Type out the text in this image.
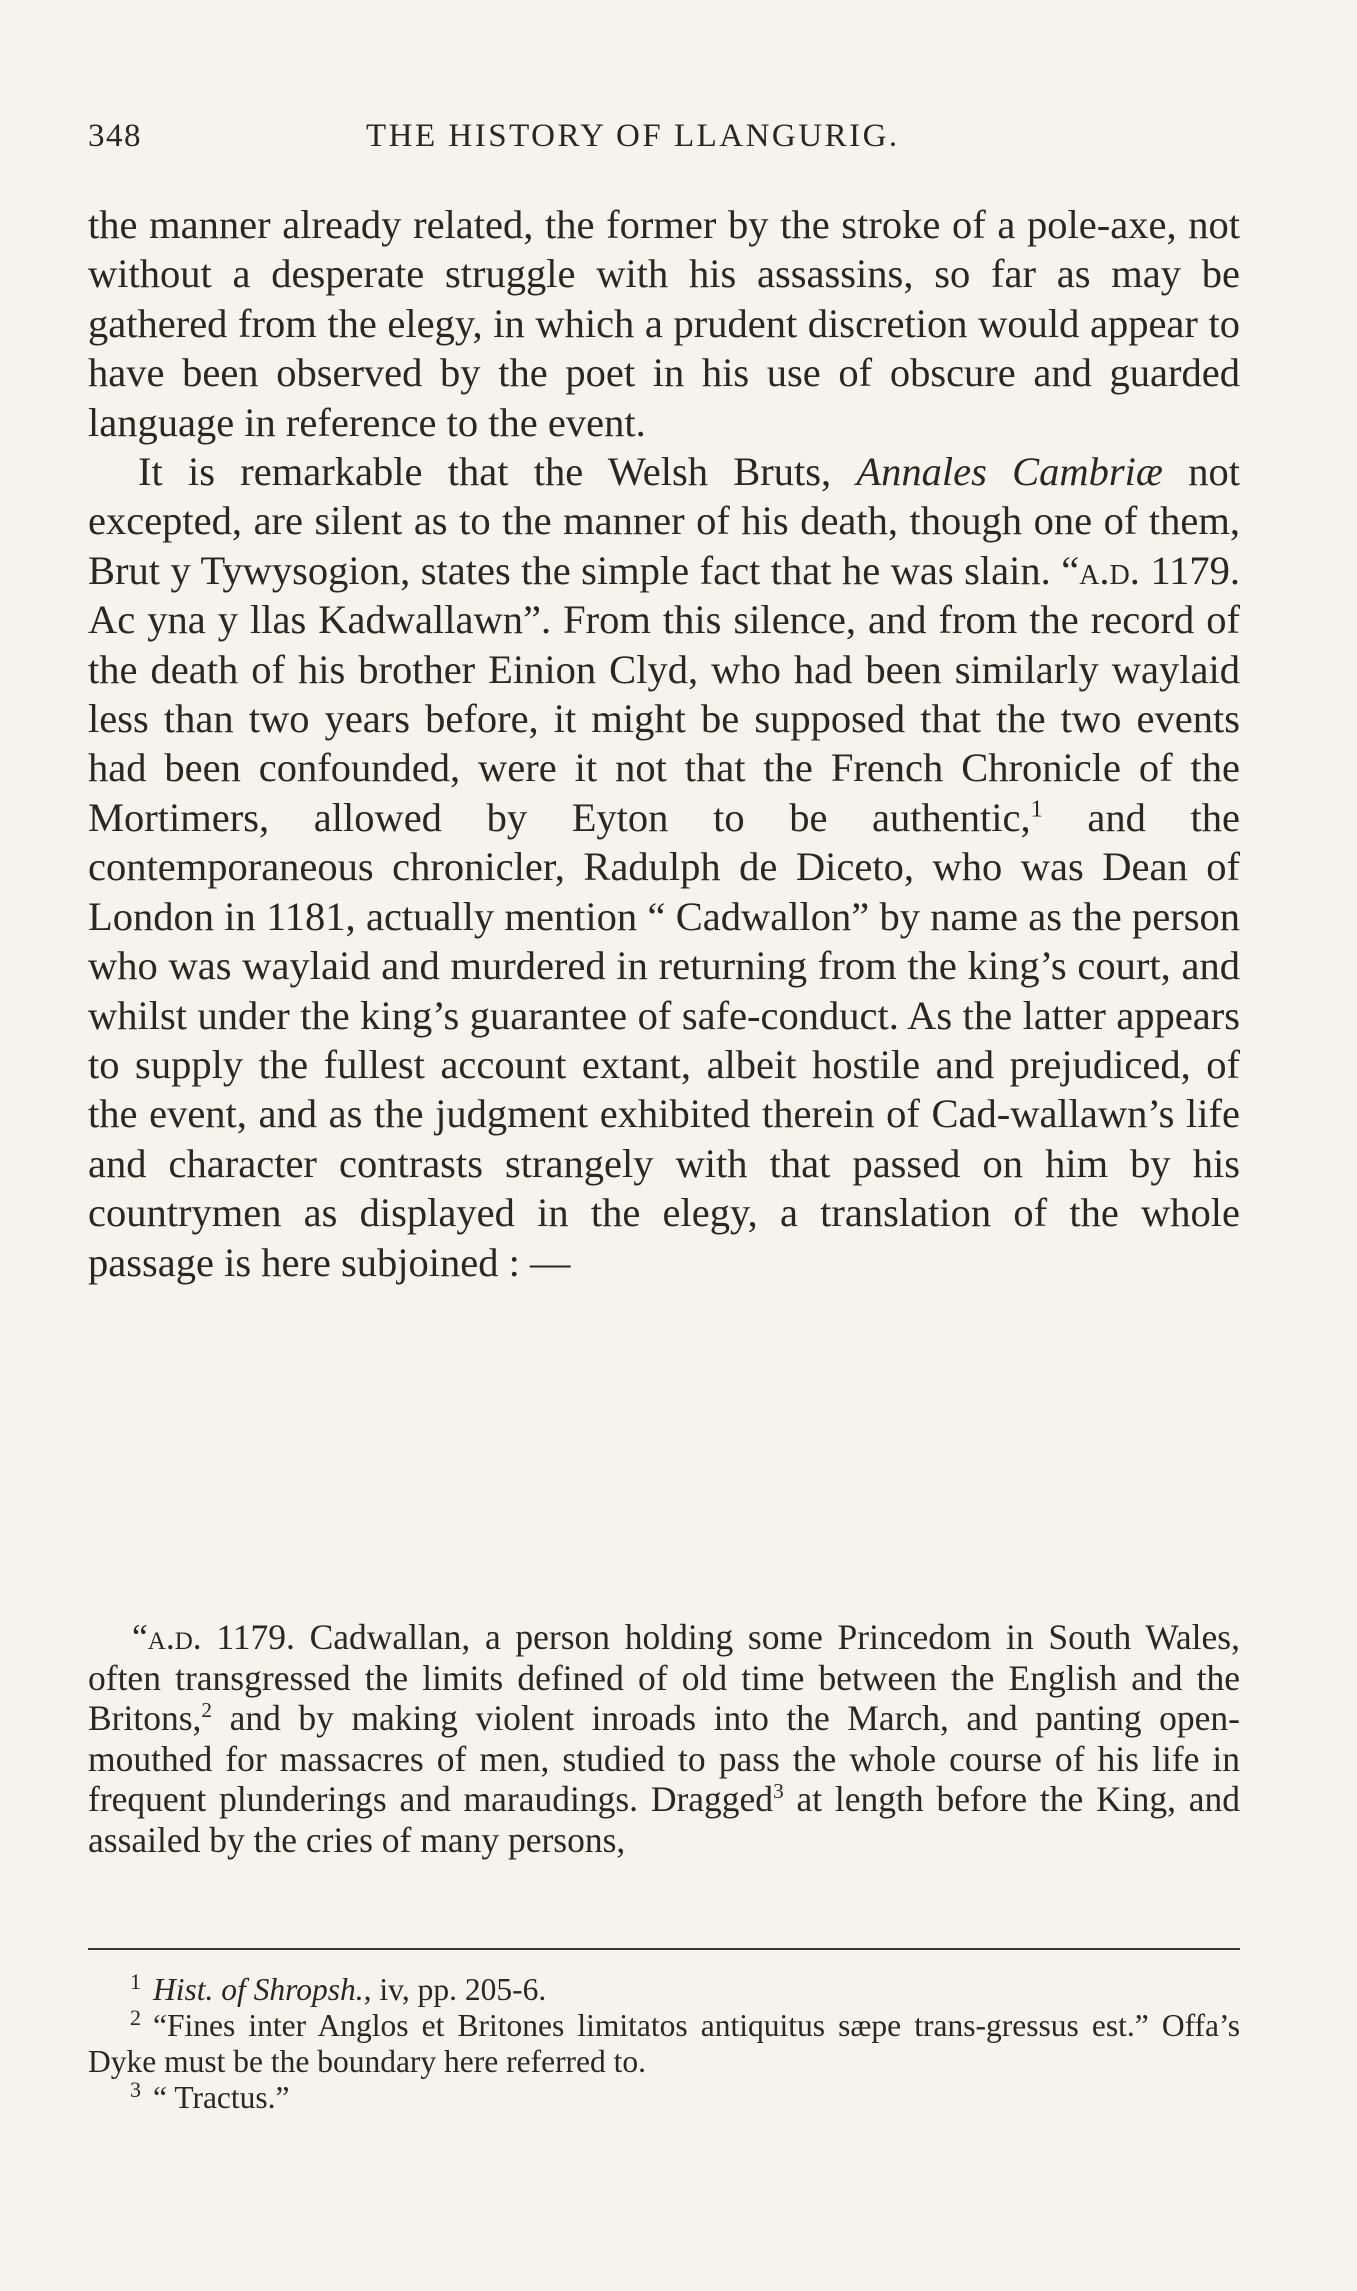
348	THE HISTORY OF LLANGURIG.

the manner already related, the former by the stroke of a pole-axe, not without a desperate struggle with his assassins, so far as may be gathered from the elegy, in which a prudent discretion would appear to have been observed by the poet in his use of obscure and guarded language in reference to the event.

It is remarkable that the Welsh Bruts, Annales Cambriæ not excepted, are silent as to the manner of his death, though one of them, Brut y Tywysogion, states the simple fact that he was slain. “a.d. 1179. Ac yna y llas Kadwallawn”. From this silence, and from the record of the death of his brother Einion Clyd, who had been similarly waylaid less than two years before, it might be supposed that the two events had been confounded, were it not that the French Chronicle of the Mortimers, allowed by Eyton to be authentic,$^1$ and the contemporaneous chronicler, Radulph de Diceto, who was Dean of London in 1181, actually mention “ Cadwallon” by name as the person who was waylaid and murdered in returning from the king’s court, and whilst under the king’s guarantee of safe-conduct. As the latter appears to supply the fullest account extant, albeit hostile and prejudiced, of the event, and as the judgment exhibited therein of Cad-wallawn’s life and character contrasts strangely with that passed on him by his countrymen as displayed in the elegy, a translation of the whole passage is here subjoined : —

“a.d. 1179. Cadwallan, a person holding some Princedom in South Wales, often transgressed the limits defined of old time between the English and the Britons,$^2$ and by making violent inroads into the March, and panting open-mouthed for massacres of men, studied to pass the whole course of his life in frequent plunderings and maraudings. Dragged$^3$ at length before the King, and assailed by the cries of many persons,

$^1$ Hist. of Shropsh., iv, pp. 205-6.

$^2$ “Fines inter Anglos et Britones limitatos antiquitus sæpe trans-gressus est.” Offa’s Dyke must be the boundary here referred to.

$^3$ “ Tractus.”
